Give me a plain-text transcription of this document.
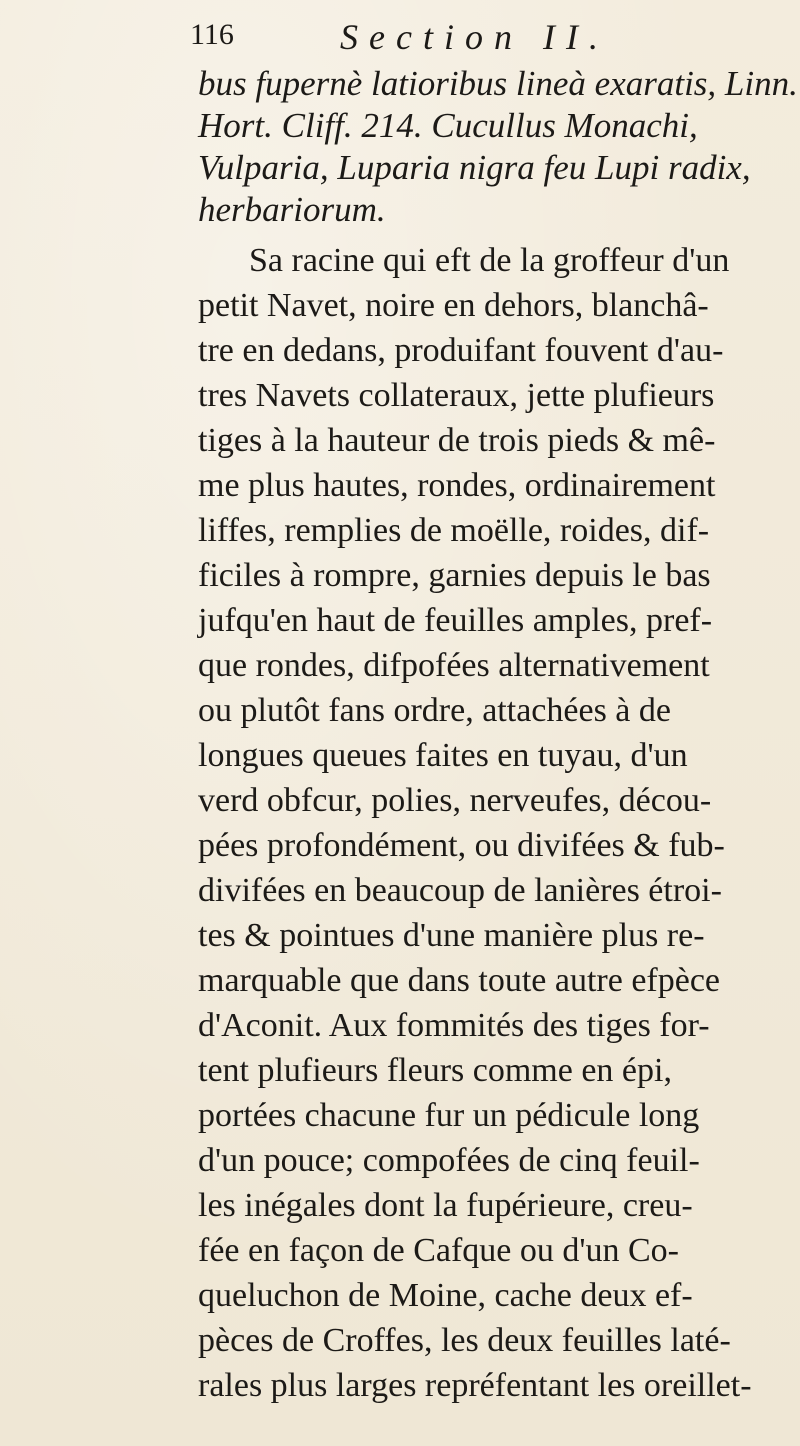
116	Section II.
bus fupernè latioribus lineà exaratis, Linn.
Hort. Cliff. 214. Cucullus Monachi,
Vulparia, Luparia nigra feu Lupi radix,
herbariorum.
Sa racine qui eft de la groffeur d'un
petit Navet, noire en dehors, blanchâ-
tre en dedans, produifant fouvent d'au-
tres Navets collateraux, jette plufieurs
tiges à la hauteur de trois pieds & mê-
me plus hautes, rondes, ordinairement
liffes, remplies de moëlle, roides, dif-
ficiles à rompre, garnies depuis le bas
jufqu'en haut de feuilles amples, pref-
que rondes, difpofées alternativement
ou plutôt fans ordre, attachées à de
longues queues faites en tuyau, d'un
verd obfcur, polies, nerveufes, décou-
pées profondément, ou divifées & fub-
divifées en beaucoup de lanières étroi-
tes & pointues d'une manière plus re-
marquable que dans toute autre efpèce
d'Aconit. Aux fommités des tiges for-
tent plufieurs fleurs comme en épi,
portées chacune fur un pédicule long
d'un pouce; compofées de cinq feuil-
les inégales dont la fupérieure, creu-
fée en façon de Cafque ou d'un Co-
queluchon de Moine, cache deux ef-
pèces de Croffes, les deux feuilles laté-
rales plus larges repréfentant les oreillet-
